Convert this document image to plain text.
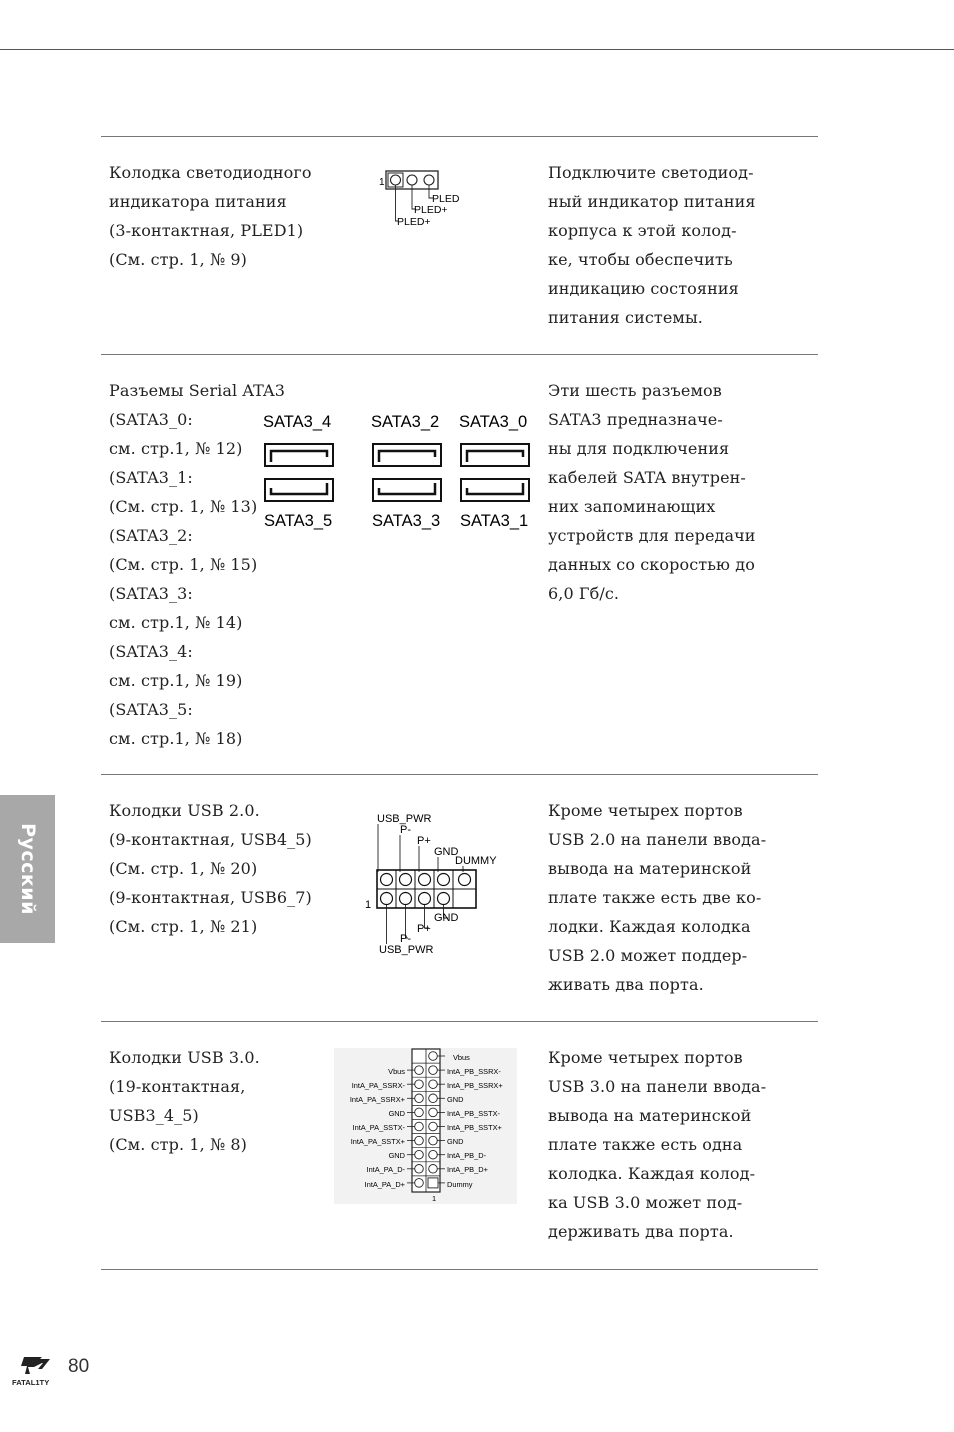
Колодка светодиодного
индикатора питания
(3-контактная, PLED1)
(См. стр. 1, № 9)
1
PLED
PLED+
PLED+
Подключите светодиод-
ный индикатор питания
корпуса к этой колод-
ке, чтобы обеспечить
индикацию состояния
питания системы.
Разъемы Serial ATA3
(SATA3_0:
см. стр.1, № 12)
(SATA3_1:
(См. стр. 1, № 13)
(SATA3_2:
(См. стр. 1, № 15)
(SATA3_3:
см. стр.1, № 14)
(SATA3_4:
см. стр.1, № 19)
(SATA3_5:
см. стр.1, № 18)
SATA3_4 SATA3_2 SATA3_0
SATA3_5 SATA3_3 SATA3_1
Эти шесть разъемов
SATA3 предназначе-
ны для подключения
кабелей SATA внутрен-
них запоминающих
устройств для передачи
данных со скоростью до
6,0 Гб/с.
Колодки USB 2.0.
(9-контактная, USB4_5)
(См. стр. 1, № 20)
(9-контактная, USB6_7)
(См. стр. 1, № 21)
USB_PWR
P-
P+
GND
DUMMY
1
GND
P+
P-
USB_PWR
Кроме четырех портов
USB 2.0 на панели ввода-
вывода на материнской
плате также есть две ко-
лодки. Каждая колодка
USB 2.0 может поддер-
живать два порта.
Колодки USB 3.0.
(19-контактная,
USB3_4_5)
(См. стр. 1, № 8)
Vbus
IntA_PB_SSRX-
IntA_PB_SSRX+
GND
IntA_PB_SSTX-
IntA_PB_SSTX+
GND
IntA_PB_D-
IntA_PB_D+
Dummy
Vbus
IntA_PA_SSRX-
IntA_PA_SSRX+
GND
IntA_PA_SSTX-
IntA_PA_SSTX+
GND
IntA_PA_D-
IntA_PA_D+
1
Кроме четырех портов
USB 3.0 на панели ввода-
вывода на материнской
плате также есть одна
колодка. Каждая колод-
ка USB 3.0 может под-
держивать два порта.
Русский
FATAL1TY
80
